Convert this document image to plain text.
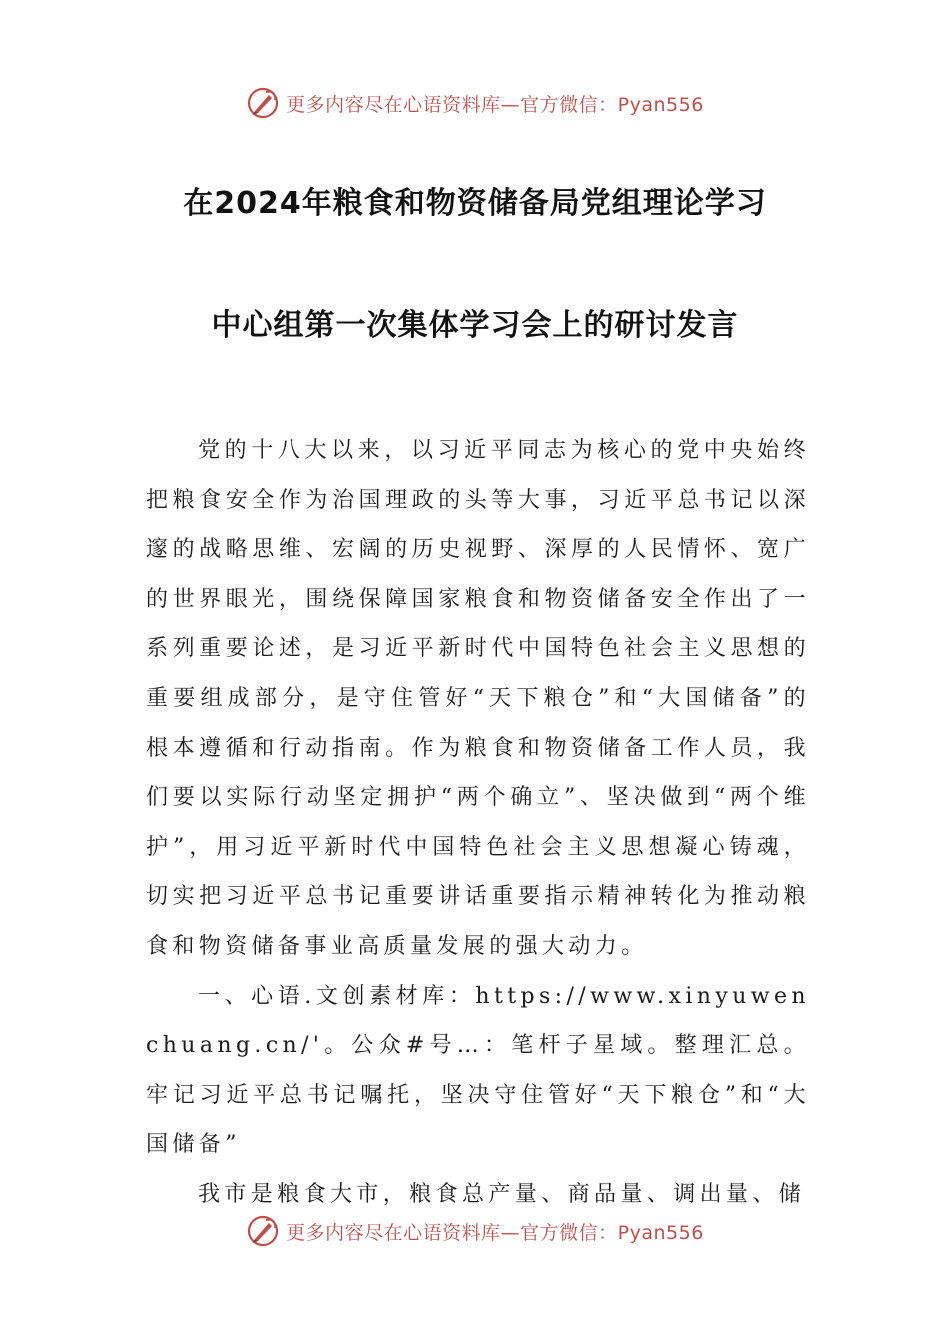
更多内容尽在心语资料库—官方微信：Pyan556
在2024年粮食和物资储备局党组理论学习
中心组第一次集体学习会上的研讨发言

党的十八大以来，以习近平同志为核心的党中央始终把粮食安全作为治国理政的头等大事，习近平总书记以深邃的战略思维、宏阔的历史视野、深厚的人民情怀、宽广的世界眼光，围绕保障国家粮食和物资储备安全作出了一系列重要论述，是习近平新时代中国特色社会主义思想的重要组成部分，是守住管好“天下粮仓”和“大国储备”的根本遵循和行动指南。作为粮食和物资储备工作人员，我们要以实际行动坚定拥护“两个确立”、坚决做到“两个维护”，用习近平新时代中国特色社会主义思想凝心铸魂，切实把习近平总书记重要讲话重要指示精神转化为推动粮食和物资储备事业高质量发展的强大动力。

一、心语.文创素材库：https://www.xinyuwenchuang.cn/'。公众#号…：笔杆子星域。整理汇总。牢记习近平总书记嘱托，坚决守住管好“天下粮仓”和“大国储备”

我市是粮食大市，粮食总产量、商品量、调出量、储

更多内容尽在心语资料库—官方微信：Pyan556
